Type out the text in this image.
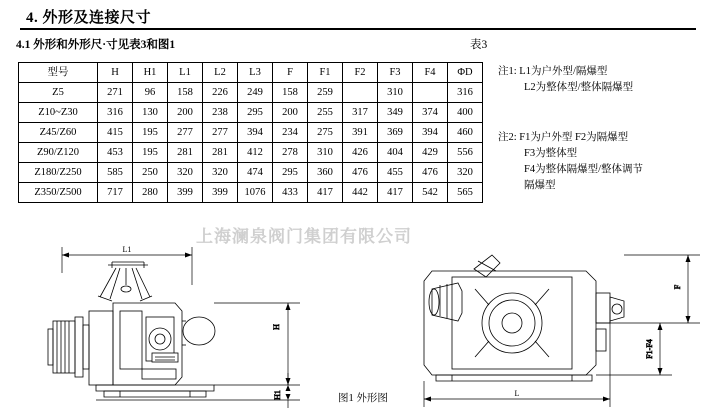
4. 外形及连接尺寸
4.1 外形和外形尺·寸见表3和图1	表3
型号	H	H1	L1	L2	L3	F	F1	F2	F3	F4	ΦD
Z5	271	96	158	226	249	158	259		310		316
Z10~Z30	316	130	200	238	295	200	255	317	349	374	400
Z45/Z60	415	195	277	277	394	234	275	391	369	394	460
Z90/Z120	453	195	281	281	412	278	310	426	404	429	556
Z180/Z250	585	250	320	320	474	295	360	476	455	476	320
Z350/Z500	717	280	399	399	1076	433	417	442	417	542	565
注1: L1为户外型/隔爆型
L2为整体型/整体隔爆型
注2: F1为户外型 F2为隔爆型
F3为整体型
F4为整体隔爆型/整体调节
隔爆型
上海澜泉阀门集团有限公司
H
H1
F
F1-F4
L1
L
图1 外形图
